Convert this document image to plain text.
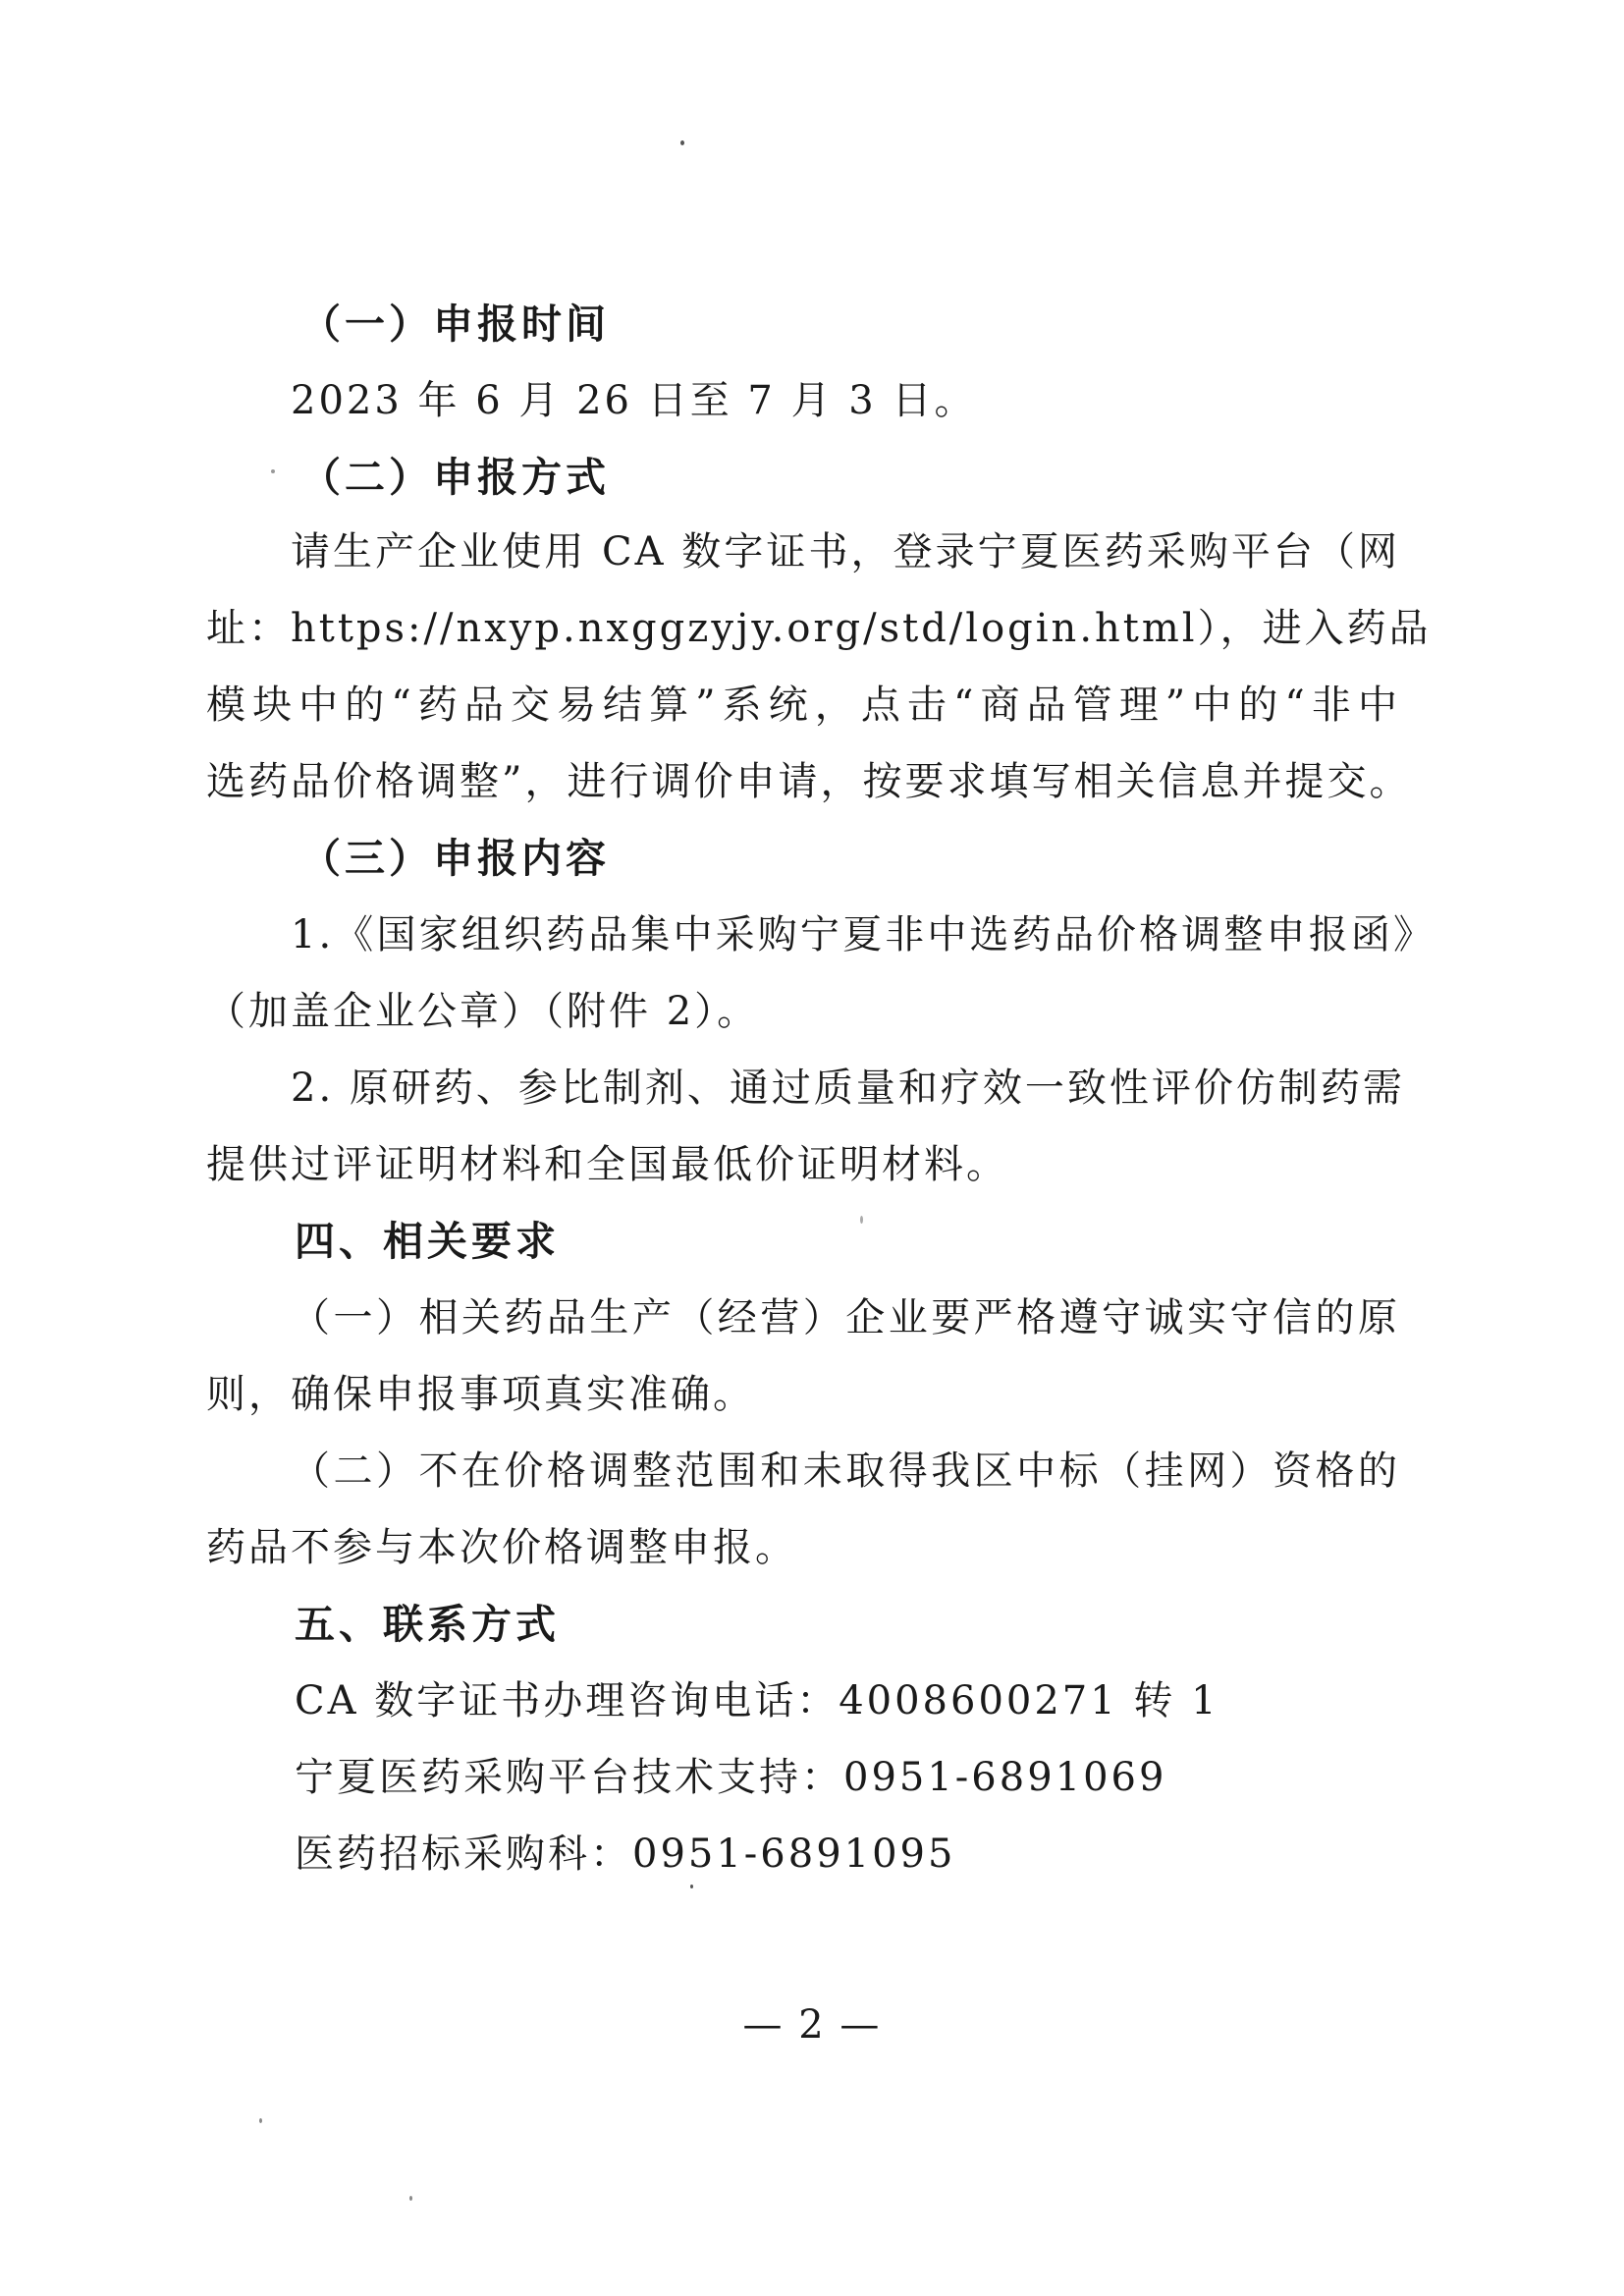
（一）申报时间

2023 年 6 月 26 日至 7 月 3 日。

（二）申报方式

请生产企业使用 CA 数字证书，登录宁夏医药采购平台（网

址：https://nxyp.nxggzyjy.org/std/login.html），进入药品

模块中的“药品交易结算”系统，点击“商品管理”中的“非中

选药品价格调整”，进行调价申请，按要求填写相关信息并提交。

（三）申报内容

1.《国家组织药品集中采购宁夏非中选药品价格调整申报函》

（加盖企业公章）（附件 2）。

2. 原研药、参比制剂、通过质量和疗效一致性评价仿制药需

提供过评证明材料和全国最低价证明材料。

四、相关要求

（一）相关药品生产（经营）企业要严格遵守诚实守信的原

则，确保申报事项真实准确。

（二）不在价格调整范围和未取得我区中标（挂网）资格的

药品不参与本次价格调整申报。

五、联系方式

CA 数字证书办理咨询电话：4008600271 转 1

宁夏医药采购平台技术支持：0951-6891069

医药招标采购科：0951-6891095

— 2 —
